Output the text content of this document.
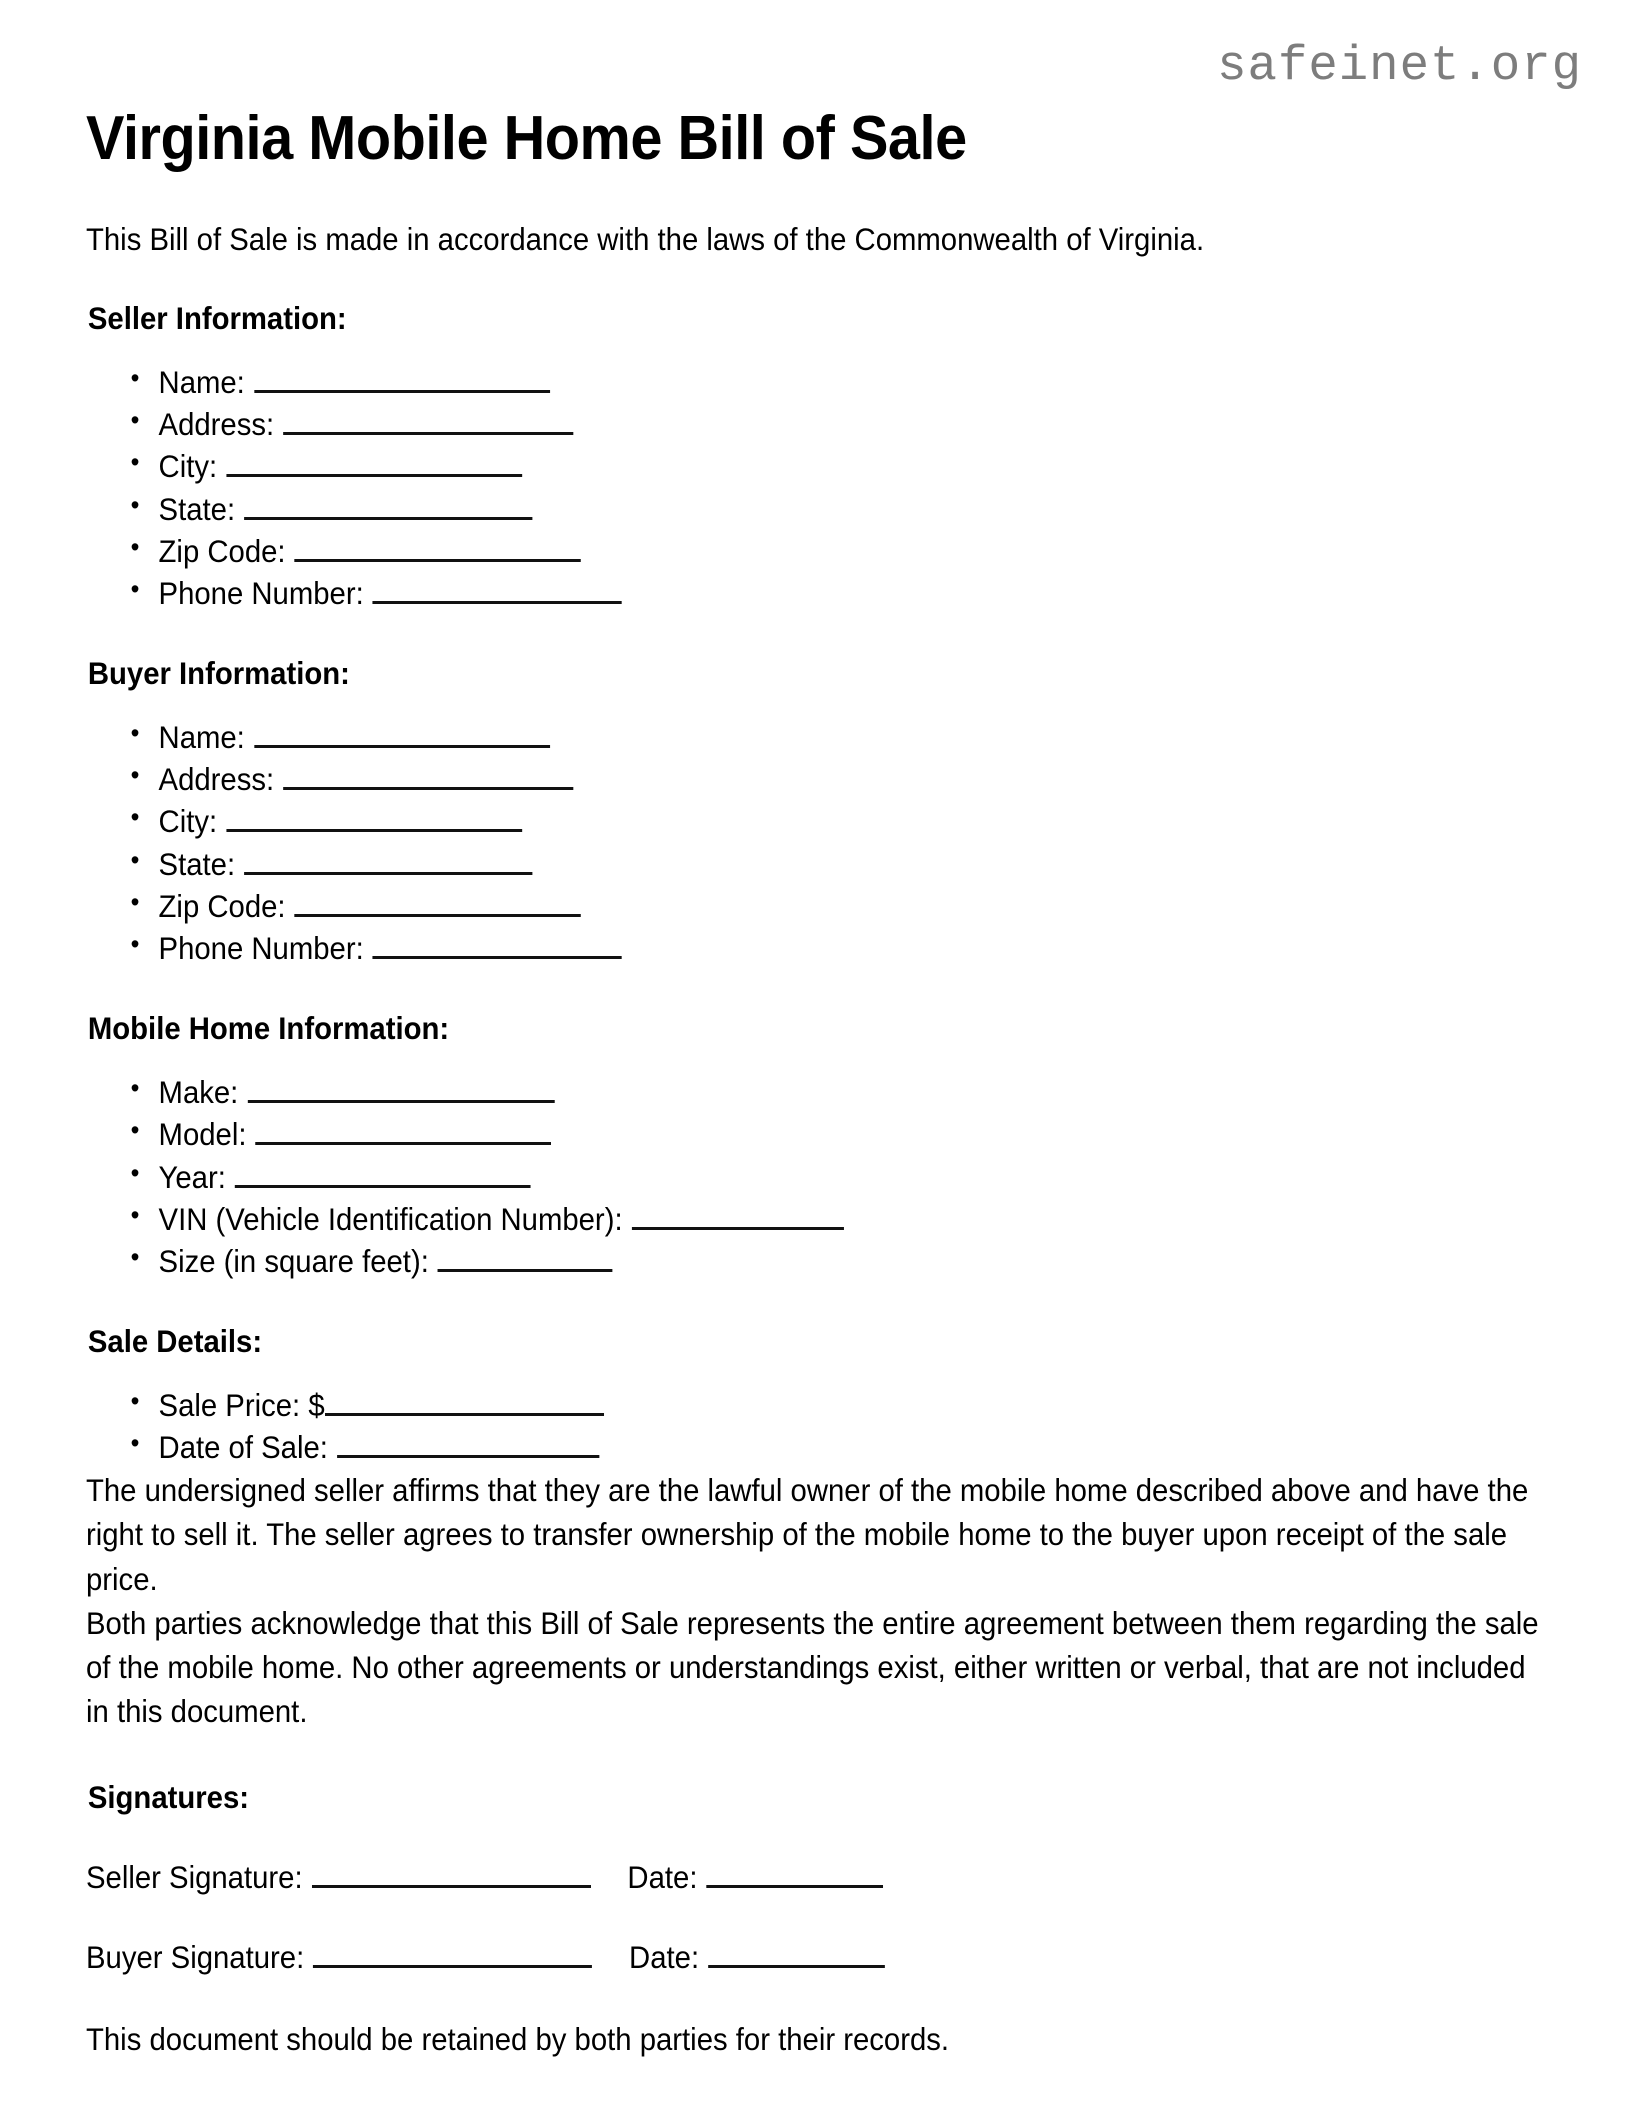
safeinet.org
Virginia Mobile Home Bill of Sale

This Bill of Sale is made in accordance with the laws of the Commonwealth of Virginia.

Seller Information:
• Name:
• Address:
• City:
• State:
• Zip Code:
• Phone Number:
Buyer Information:
• Name:
• Address:
• City:
• State:
• Zip Code:
• Phone Number:
Mobile Home Information:
• Make:
• Model:
• Year:
• VIN (Vehicle Identification Number):
• Size (in square feet):
Sale Details:
• Sale Price: $
• Date of Sale:

The undersigned seller affirms that they are the lawful owner of the mobile home described above and have the right to sell it. The seller agrees to transfer ownership of the mobile home to the buyer upon receipt of the sale price.

Both parties acknowledge that this Bill of Sale represents the entire agreement between them regarding the sale of the mobile home. No other agreements or understandings exist, either written or verbal, that are not included in this document.

Signatures:
Seller Signature:	Date:
Buyer Signature:	Date:

This document should be retained by both parties for their records.
